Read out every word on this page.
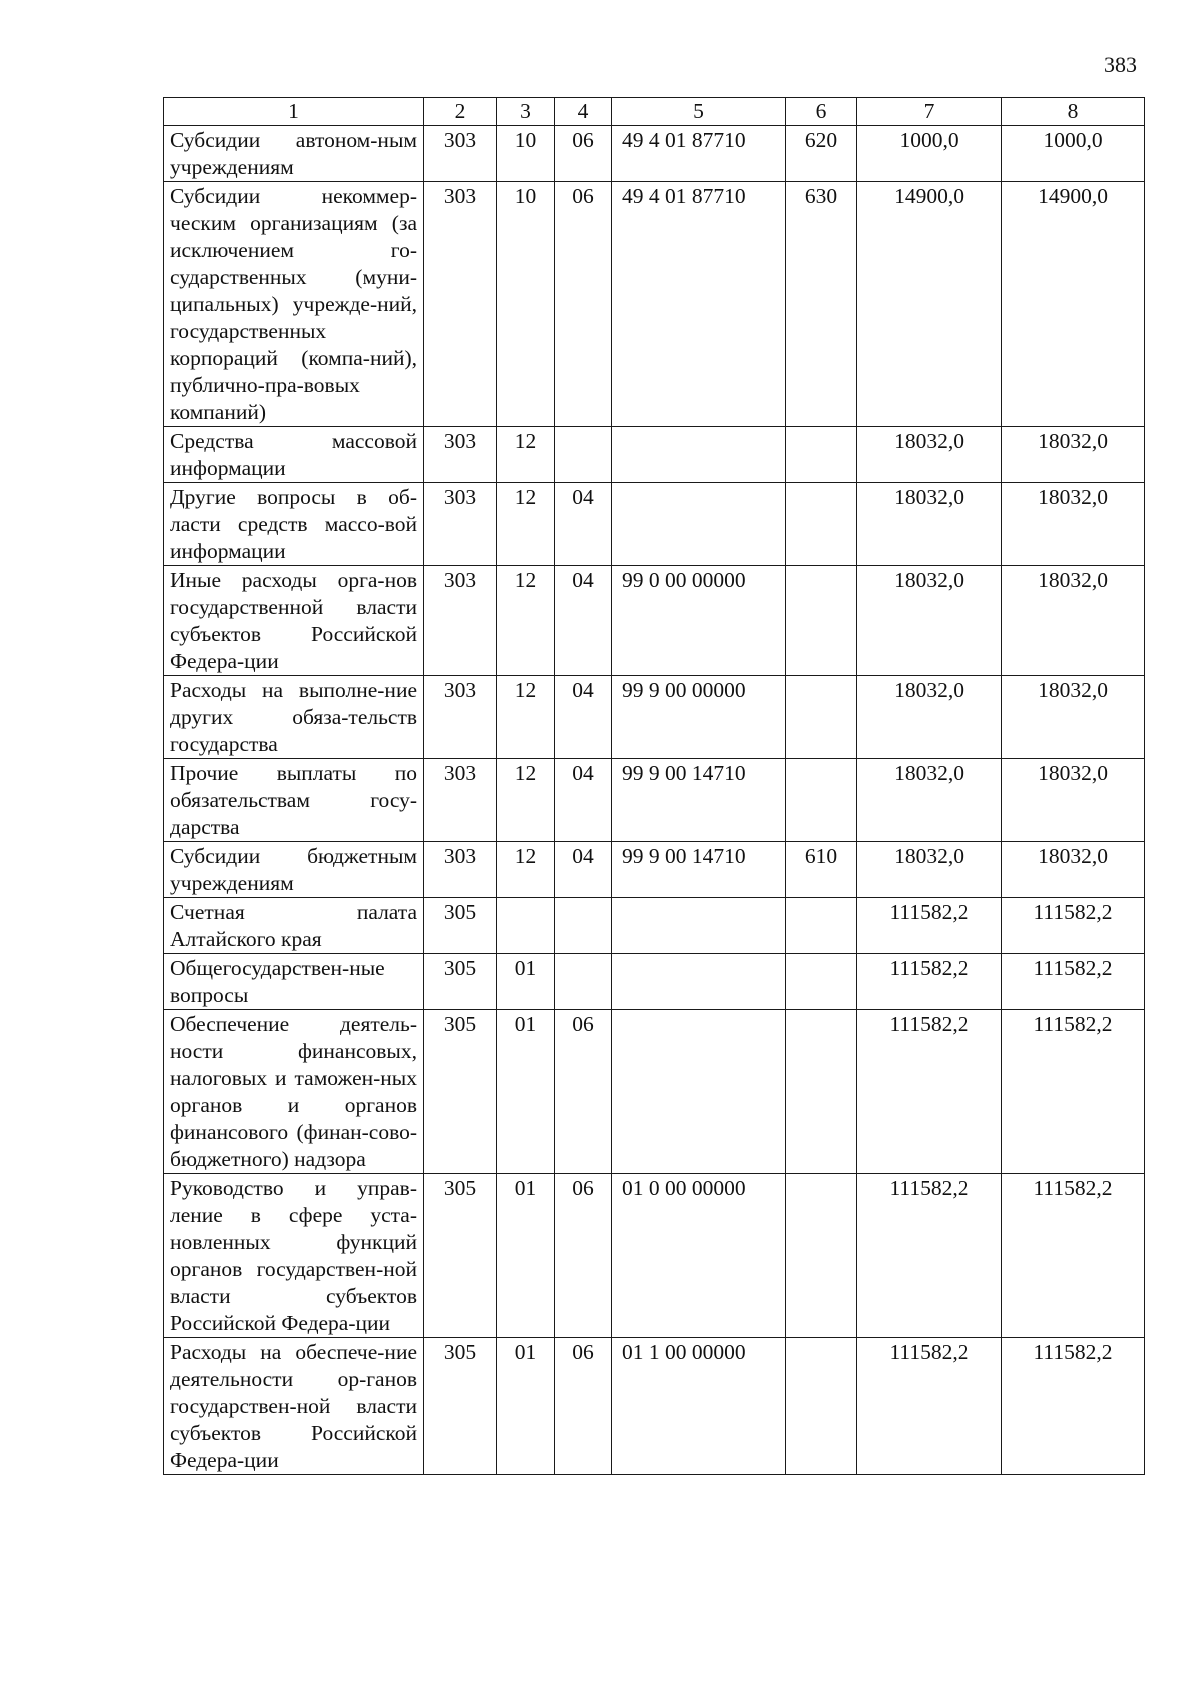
383
1	2	3	4	5	6	7	8
Субсидии автоном-ным учреждениям	303	10	06	49 4 01 87710	620	1000,0	1000,0
Субсидии некоммер-ческим организациям (за исключением го-сударственных (муни-ципальных) учрежде-ний, государственных корпораций (компа-ний), публично-пра-вовых компаний)	303	10	06	49 4 01 87710	630	14900,0	14900,0
Средства массовой информации	303	12				18032,0	18032,0
Другие вопросы в об-ласти средств массо-вой информации	303	12	04			18032,0	18032,0
Иные расходы орга-нов государственной власти субъектов Российской Федера-ции	303	12	04	99 0 00 00000		18032,0	18032,0
Расходы на выполне-ние других обяза-тельств государства	303	12	04	99 9 00 00000		18032,0	18032,0
Прочие выплаты по обязательствам госу-дарства	303	12	04	99 9 00 14710		18032,0	18032,0
Субсидии бюджетным учреждениям	303	12	04	99 9 00 14710	610	18032,0	18032,0
Счетная палата Алтайского края	305					111582,2	111582,2
Общегосударствен-ные вопросы	305	01				111582,2	111582,2
Обеспечение деятель-ности финансовых, налоговых и таможен-ных органов и органов финансового (финан-сово-бюджетного) надзора	305	01	06			111582,2	111582,2
Руководство и управ-ление в сфере уста-новленных функций органов государствен-ной власти субъектов Российской Федера-ции	305	01	06	01 0 00 00000		111582,2	111582,2
Расходы на обеспече-ние деятельности ор-ганов государствен-ной власти субъектов Российской Федера-ции	305	01	06	01 1 00 00000		111582,2	111582,2
